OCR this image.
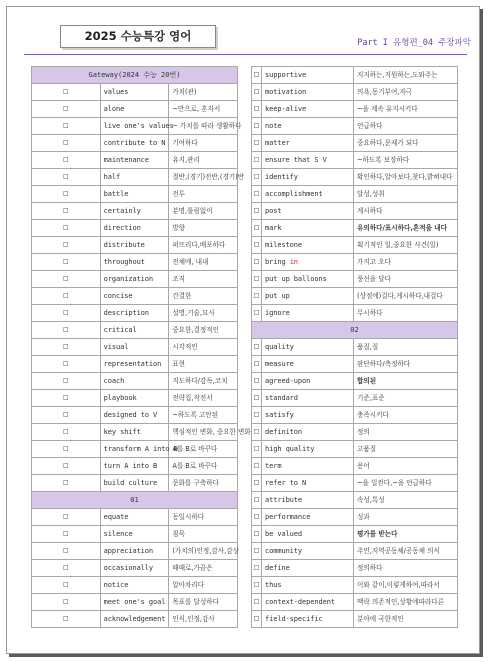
2025 수능특강 영어	Part I 유형편_04 주장파악
Gateway(2024 수능 20번)		
□	values	가치(관)
□	alone	~만으로, 혼자서
□	live one's values	~ 가치를 따라 생활하다
□	contribute to N	기여하다
□	maintenance	유지,관리
□	half	절반,(경기)전반,(경기)반
□	battle	전투
□	certainly	분명,틀림없이
□	direction	방향
□	distribute	퍼뜨리다,배포하다
□	throughout	전체에, 내내
□	organization	조직
□	concise	간결한
□	description	설명,기술,묘사
□	critical	중요한,결정적인
□	visual	시각적인
□	representation	표현
□	coach	지도하다/감독,코치
□	playbook	전략집,작전서
□	designed to V	~하도록 고안된
□	key shift	핵심적인 변화, 중요한 변화
□	transform A into B	A를 B로 바꾸다
□	turn A into B	A를 B로 바꾸다
□	build culture	문화를 구축하다
01		
□	equate	동일시하다
□	silence	침묵
□	appreciation	(가치의)인정,감사,감상
□	occasionally	때때로,가끔은
□	notice	알아차리다
□	meet one's goal	목표를 달성하다
□	acknowledgement	인식,인정,감사
□	supportive	지지하는,지원하는,도와주는
□	motivation	의욕,동기부여,자극
□	keep-alive	~을 계속 유지시키다
□	note	언급하다
□	matter	중요하다,문제가 되다
□	ensure that S V	~하도록 보장하다
□	identify	확인하다,알아보다,찾다,밝혀내다
□	accomplishment	달성,성취
□	post	게시하다
□	mark	유의하다/표시하다,흔적을 내다
□	milestone	획기적인 일,중요한 사건(일)
□	bring in	가지고 오다
□	put up balloons	풍선을 달다
□	put up	(상점에)걸다,게시하다,내걸다
□	ignore	무시하다
02		
□	quality	품질,질
□	measure	판단하다/측정하다
□	agreed-upon	합의된
□	standard	기준,표준
□	satisfy	충족시키다
□	definiton	정의
□	high quality	고품질
□	term	용어
□	refer to N	~을 일컫다,~을 언급하다
□	attribute	속성,특성
□	performance	성과
□	be valued	평가를 받는다
□	community	주민,지역공동체/공동체 의식
□	define	정의하다
□	thus	이와 같이,이렇게하여,따라서
□	context-dependent	맥락 의존적인,상황에따라다른
□	field-specific	분야에 국한적인
